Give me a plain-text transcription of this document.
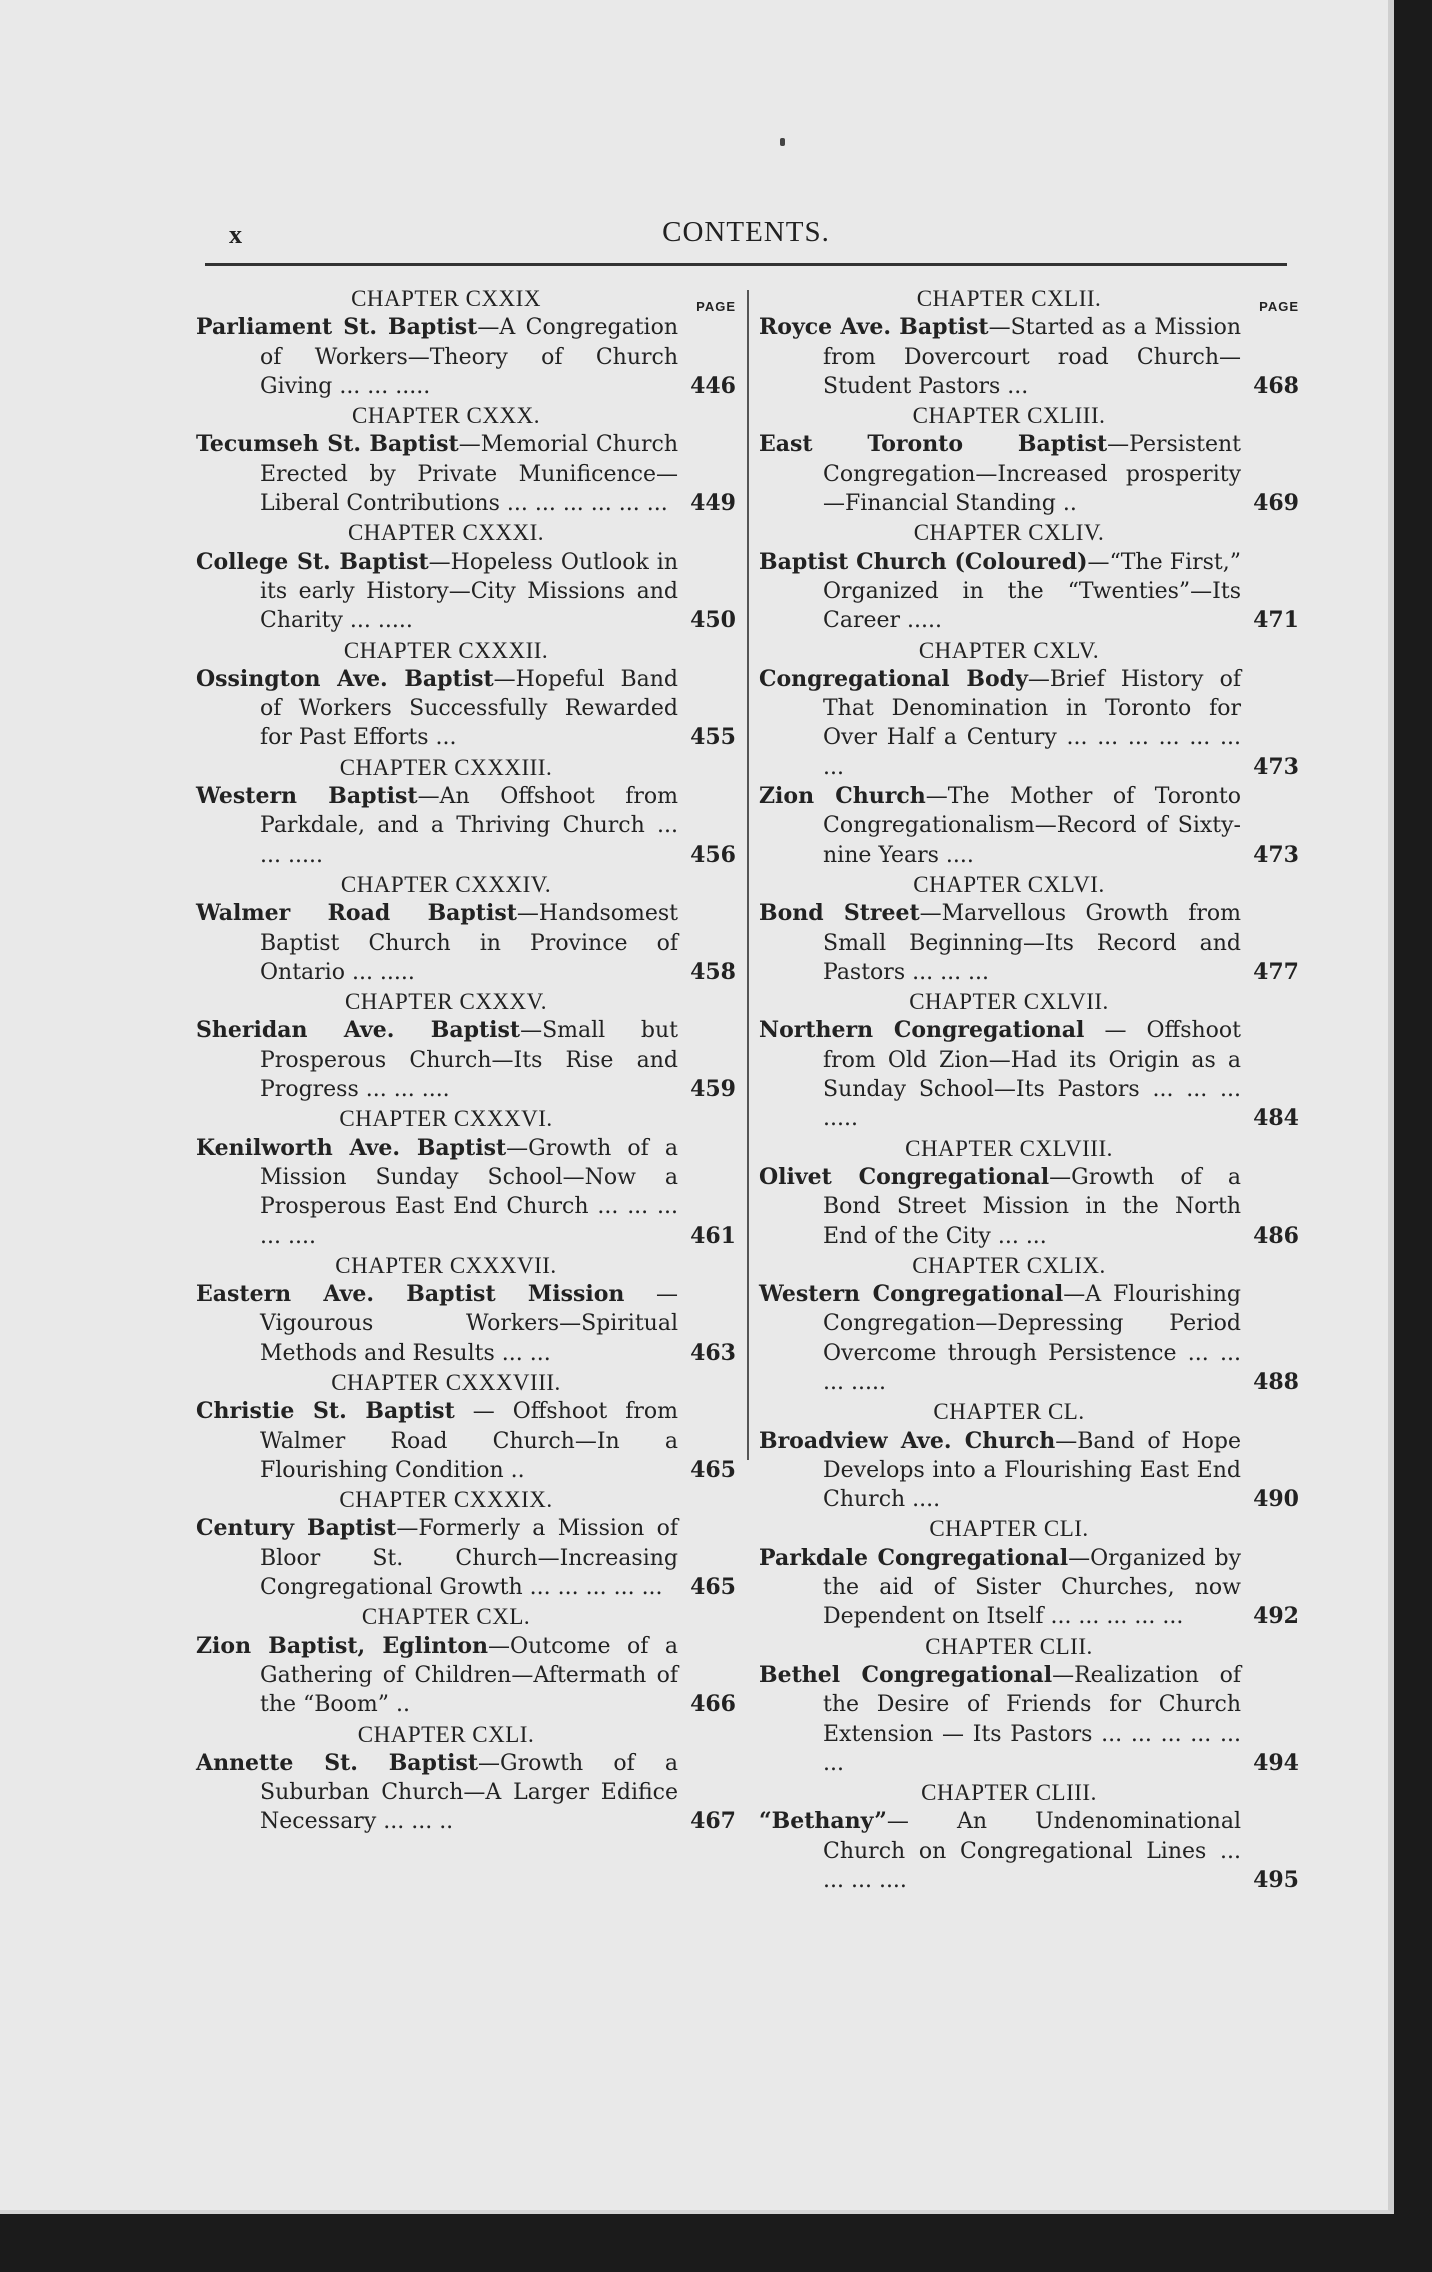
x	CONTENTS.
PAGE
CHAPTER CXXIX
Parliament St. Baptist—A Congregation of Workers—Theory of Church Giving ... ... .....	446
CHAPTER CXXX.
Tecumseh St. Baptist—Memorial Church Erected by Private Munificence—Liberal Contributions ... ... ... ... ... ... 449
CHAPTER CXXXI.
College St. Baptist—Hopeless Outlook in its early History—City Missions and Charity ... .....	450
CHAPTER CXXXII.
Ossington Ave. Baptist—Hopeful Band of Workers Successfully Rewarded for Past Efforts ...	455
CHAPTER CXXXIII.
Western Baptist—An Offshoot from Parkdale, and a Thriving Church ... ... .....	456
CHAPTER CXXXIV.
Walmer Road Baptist—Handsomest Baptist Church in Province of Ontario ... .....	458
CHAPTER CXXXV.
Sheridan Ave. Baptist—Small but Prosperous Church—Its Rise and Progress ... ... ....	459
CHAPTER CXXXVI.
Kenilworth Ave. Baptist—Growth of a Mission Sunday School—Now a Prosperous East End Church ... ... ... ... ....	461
CHAPTER CXXXVII.
Eastern Ave. Baptist Mission — Vigourous Workers—Spiritual Methods and Results ... ...	463
CHAPTER CXXXVIII.
Christie St. Baptist — Offshoot from Walmer Road Church—In a Flourishing Condition ..	465
CHAPTER CXXXIX.
Century Baptist—Formerly a Mission of Bloor St. Church—Increasing Congregational Growth ... ... ... ... ... 465
CHAPTER CXL.
Zion Baptist, Eglinton—Outcome of a Gathering of Children—Aftermath of the “Boom” ..	466
CHAPTER CXLI.
Annette St. Baptist—Growth of a Suburban Church—A Larger Edifice Necessary ... ... ..	467
PAGE
CHAPTER CXLII.
Royce Ave. Baptist—Started as a Mission from Dovercourt road Church—Student Pastors ...	468
CHAPTER CXLIII.
East Toronto Baptist—Persistent Congregation—Increased prosperity—Financial Standing ..	469
CHAPTER CXLIV.
Baptist Church (Coloured)—“The First,” Organized in the “Twenties”—Its Career .....	471
CHAPTER CXLV.
Congregational Body—Brief History of That Denomination in Toronto for Over Half a Century ... ... ... ... ... ... ...	473
Zion Church—The Mother of Toronto Congregationalism—Record of Sixty-nine Years ....	473
CHAPTER CXLVI.
Bond Street—Marvellous Growth from Small Beginning—Its Record and Pastors ... ... ...	477
CHAPTER CXLVII.
Northern Congregational — Offshoot from Old Zion—Had its Origin as a Sunday School—Its Pastors ... ... ... .....	484
CHAPTER CXLVIII.
Olivet Congregational—Growth of a Bond Street Mission in the North End of the City ... ...	486
CHAPTER CXLIX.
Western Congregational—A Flourishing Congregation—Depressing Period Overcome through Persistence ... ... ... .....	488
CHAPTER CL.
Broadview Ave. Church—Band of Hope Develops into a Flourishing East End Church ....	490
CHAPTER CLI.
Parkdale Congregational—Organized by the aid of Sister Churches, now Dependent on Itself ... ... ... ... ...	492
CHAPTER CLII.
Bethel Congregational—Realization of the Desire of Friends for Church Extension — Its Pastors ... ... ... ... ... ...	494
CHAPTER CLIII.
“Bethany”— An Undenominational Church on Congregational Lines ... ... ... ....	495
